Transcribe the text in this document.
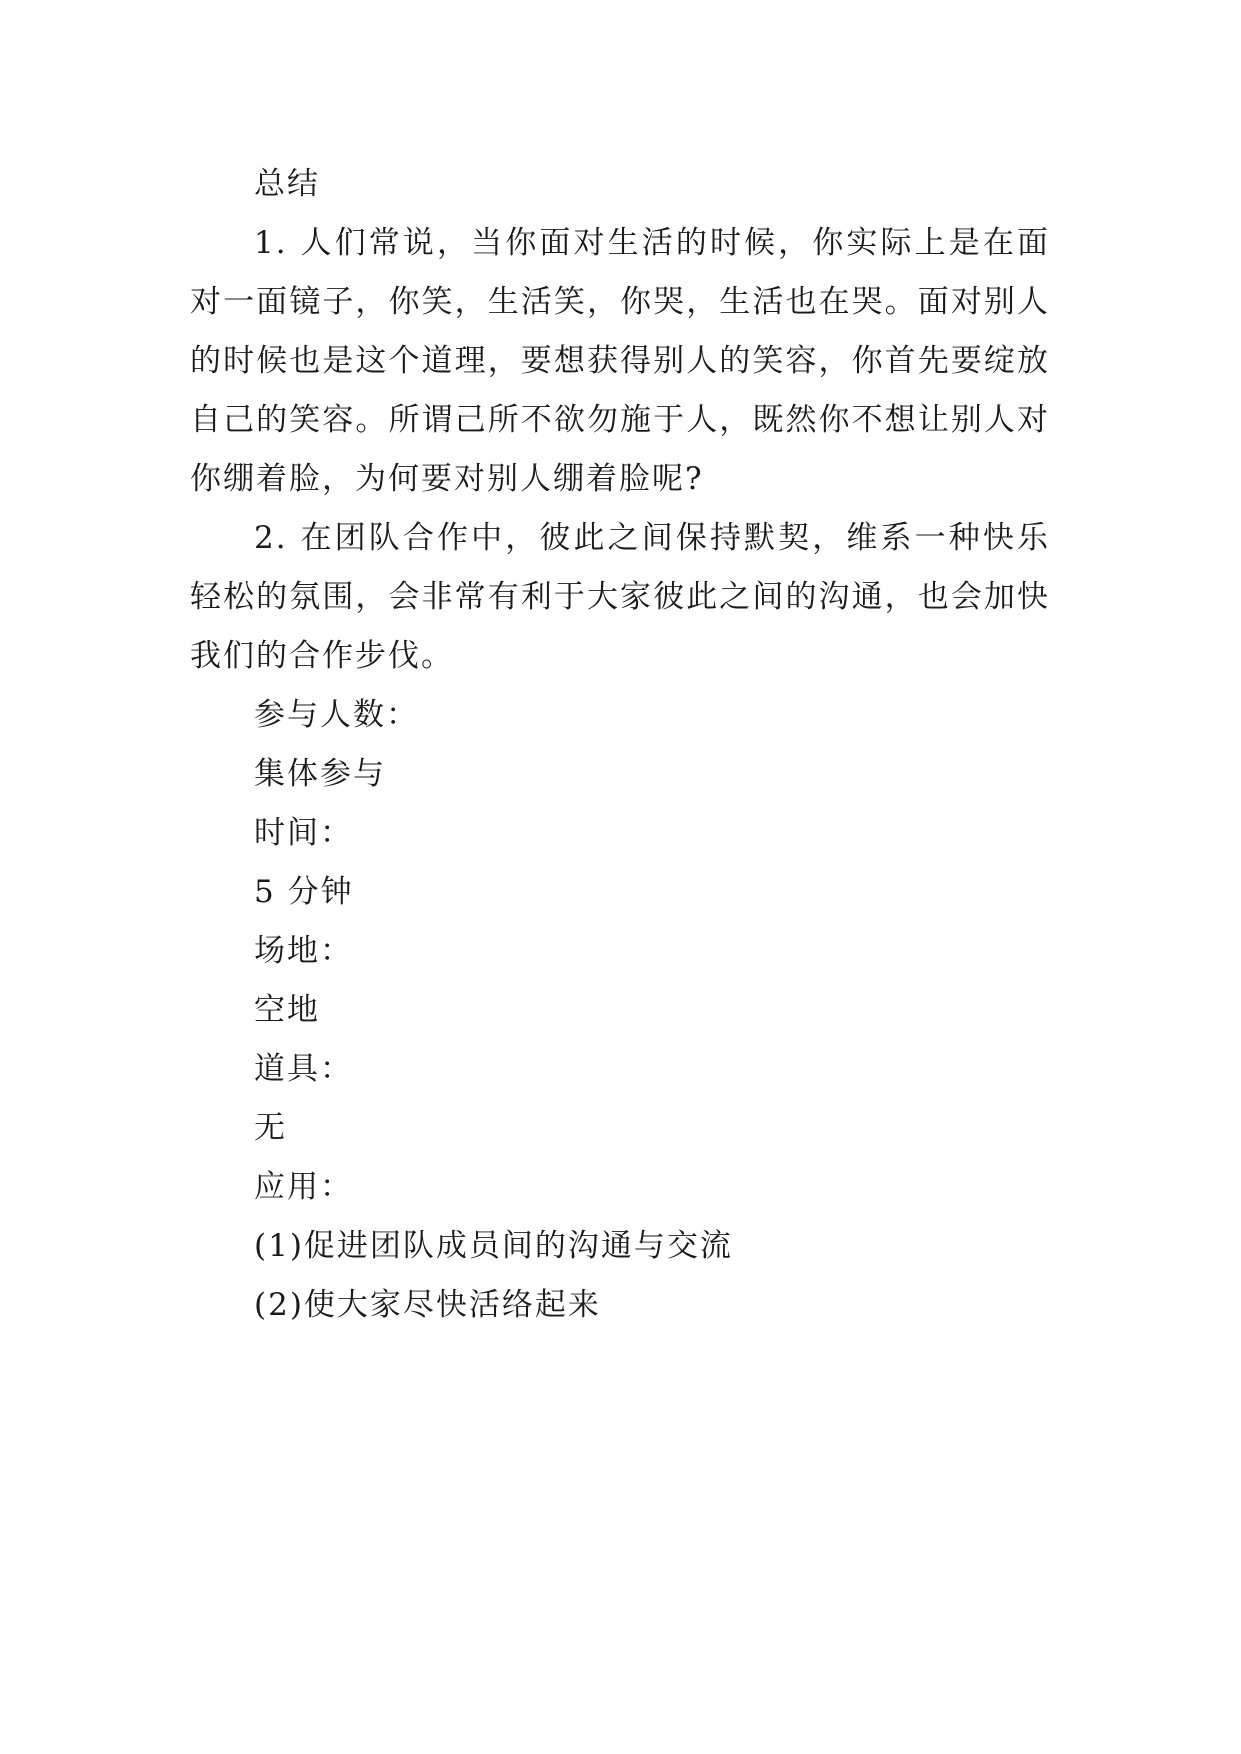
总结

1. 人们常说，当你面对生活的时候，你实际上是在面对一面镜子，你笑，生活笑，你哭，生活也在哭。面对别人的时候也是这个道理，要想获得别人的笑容，你首先要绽放自己的笑容。所谓己所不欲勿施于人，既然你不想让别人对你绷着脸，为何要对别人绷着脸呢?

2. 在团队合作中，彼此之间保持默契，维系一种快乐轻松的氛围，会非常有利于大家彼此之间的沟通，也会加快我们的合作步伐。

参与人数：

集体参与

时间：

5 分钟

场地：

空地

道具：

无

应用：

(1)促进团队成员间的沟通与交流

(2)使大家尽快活络起来
